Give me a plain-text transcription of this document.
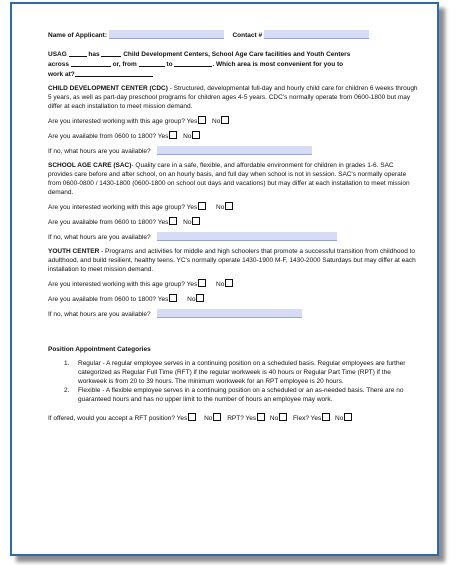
Name of Applicant:	Contact #
USAG	has	Child Development Centers, School Age Care facilities and Youth Centers
across	or, from	to	. Which area is most convenient for you to
work at?
CHILD DEVELOPMENT CENTER (CDC) - Structured, developmental full-day and hourly child care for children 6 weeks through 5 years, as well as part-day preschool programs for children ages 4-5 years. CDC's normally operate from 0600-1800 but may differ at each installation to meet mission demand.
Are you interested working with this age group? Yes No
Are you available from 0600 to 1800? Yes No
If no, what hours are you available?
SCHOOL AGE CARE (SAC)- Quality care in a safe, flexible, and affordable environment for children in grades 1-6. SAC provides care before and after school, on an hourly basis, and full day when school is not in session. SAC's normally operate from 0600-0800 / 1430-1800 (0600-1800 on school out days and vacations) but may differ at each installation to meet mission demand.
Are you interested working with this age group? Yes	No
Are you available from 0600 to 1800? Yes No
If no, what hours are you available?
YOUTH CENTER - Programs and activities for middle and high schoolers that promote a successful transition from childhood to adulthood, and build resilient, healthy teens. YC's normally operate 1430-1900 M-F, 1430-2000 Saturdays but may differ at each installation to meet mission demand.
Are you interested working with this age group? Yes	No
Are you available from 0600 to 1800? Yes	No
If no, what hours are you available?
Position Appointment Categories
1.	Regular - A regular employee serves in a continuing position on a scheduled basis. Regular employees are further categorized as Regular Full Time (RFT) if the regular workweek is 40 hours or Regular Part Time (RPT) if the workweek is from 20 to 39 hours. The minimum workweek for an RPT employee is 20 hours.
2.	Flexible - A flexible employee serves in a continuing position on a scheduled or an as-needed basis. There are no guaranteed hours and has no upper limit to the number of hours an employee may work.
If offered, would you accept a RFT position? Yes	No RPT? Yes No Flex? Yes No
